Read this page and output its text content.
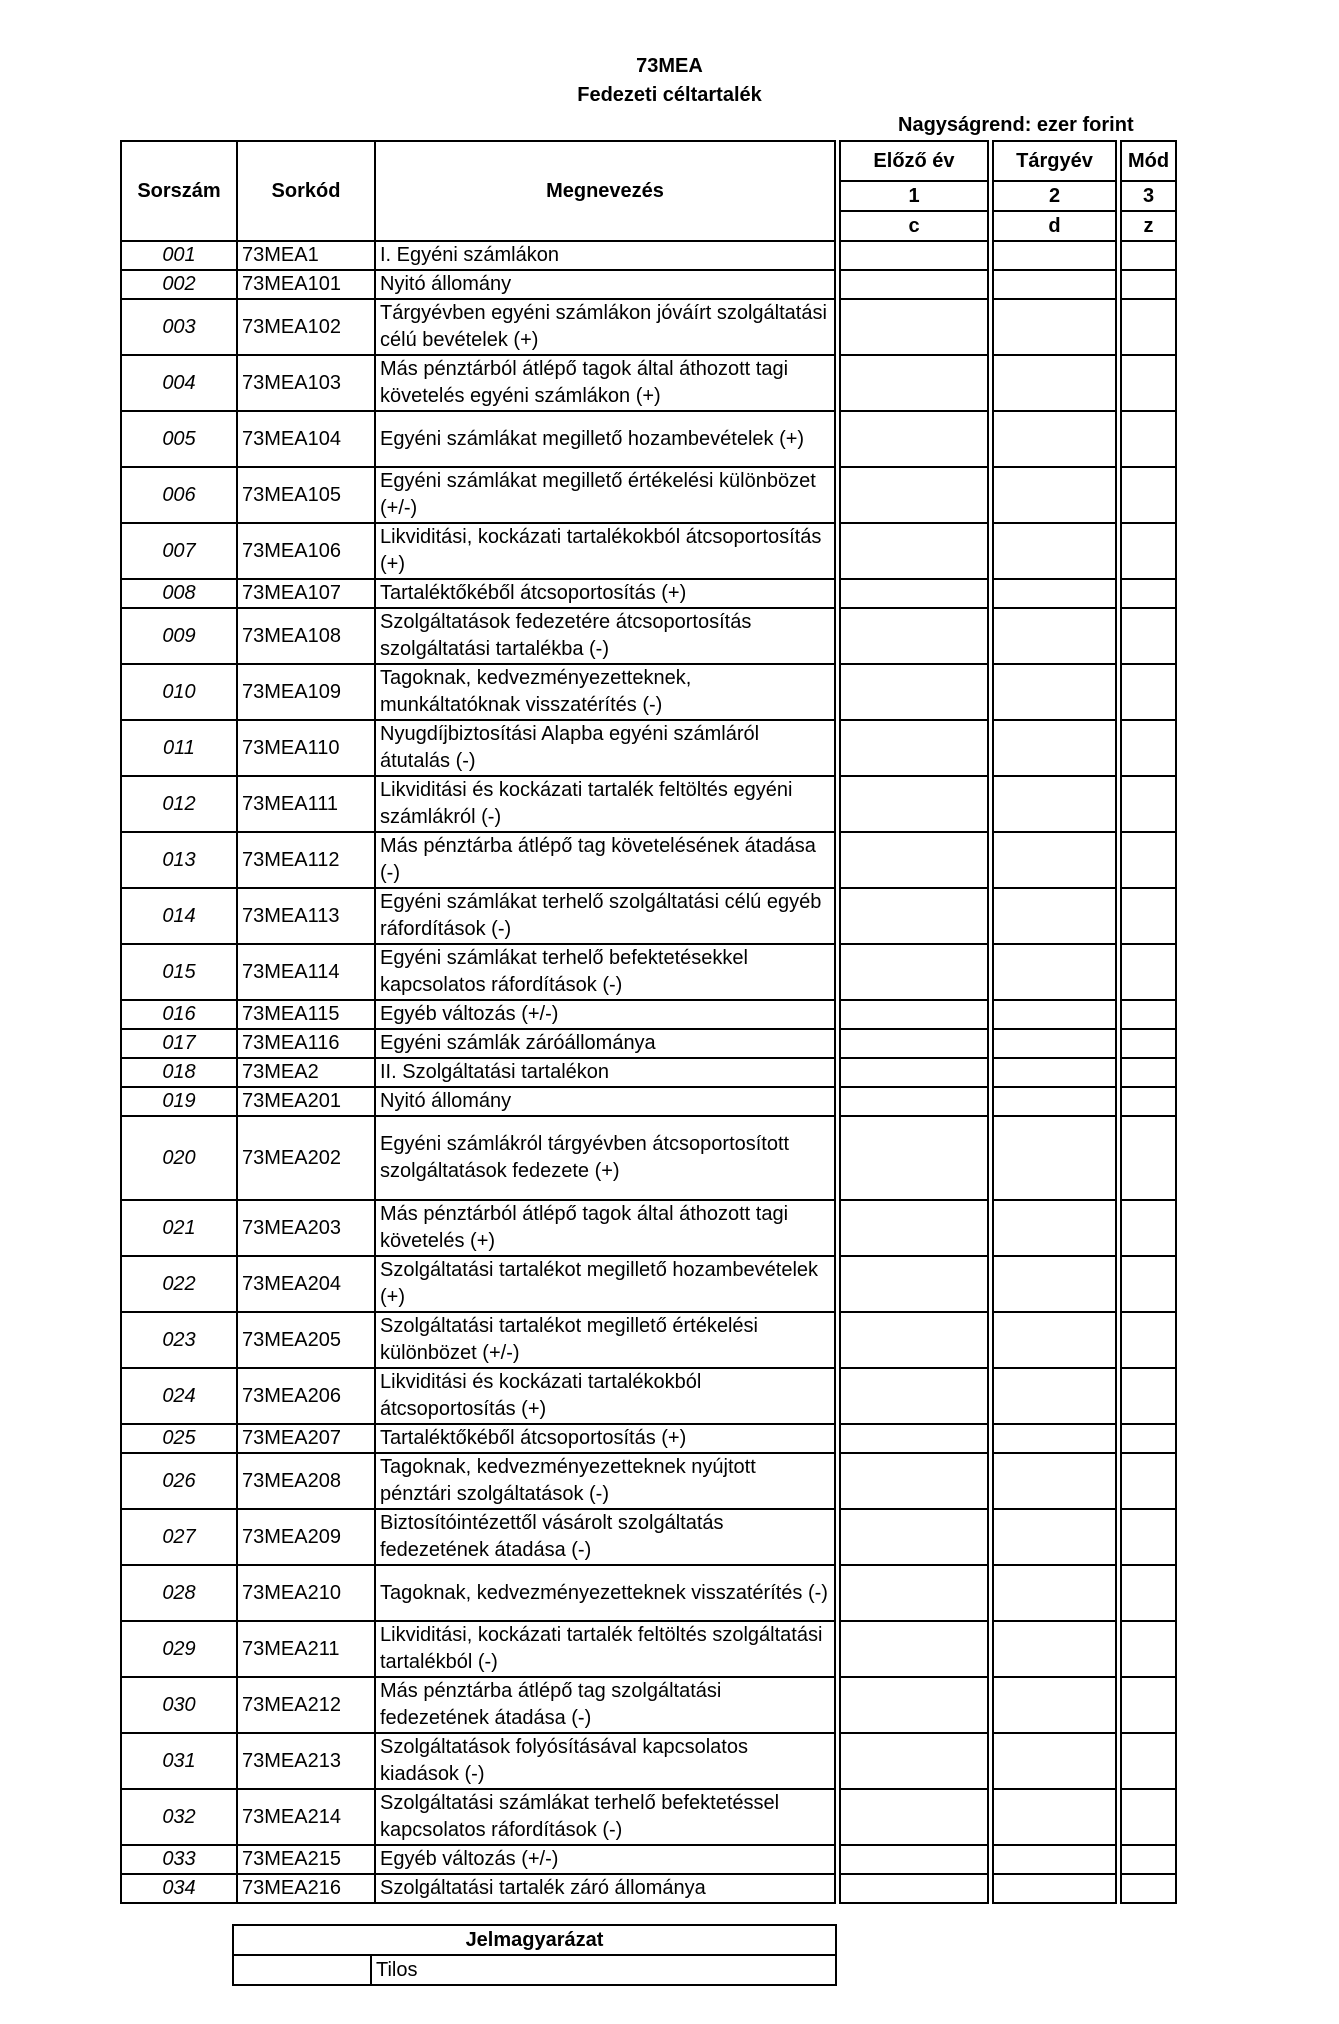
73MEA
Fedezeti céltartalék
Nagyságrend: ezer forint
Sorszám	Sorkód	Megnevezés		Előző év		Tárgyév		Mód
				1		2		3
				c		d		z
001	73MEA1	I. Egyéni számlákon						
002	73MEA101	Nyitó állomány						
003	73MEA102	Tárgyévben egyéni számlákon jóváírt szolgáltatási célú bevételek (+)						
004	73MEA103	Más pénztárból átlépő tagok által áthozott tagi követelés egyéni számlákon (+)						
005	73MEA104	Egyéni számlákat megillető hozambevételek (+)						
006	73MEA105	Egyéni számlákat megillető értékelési különbözet (+/-)						
007	73MEA106	Likviditási, kockázati tartalékokból átcsoportosítás (+)						
008	73MEA107	Tartaléktőkéből átcsoportosítás (+)						
009	73MEA108	Szolgáltatások fedezetére átcsoportosítás szolgáltatási tartalékba (-)						
010	73MEA109	Tagoknak, kedvezményezetteknek, munkáltatóknak visszatérítés (-)						
011	73MEA110	Nyugdíjbiztosítási Alapba egyéni számláról átutalás (-)						
012	73MEA111	Likviditási és kockázati tartalék feltöltés egyéni számlákról (-)						
013	73MEA112	Más pénztárba átlépő tag követelésének átadása (-)						
014	73MEA113	Egyéni számlákat terhelő szolgáltatási célú egyéb ráfordítások (-)						
015	73MEA114	Egyéni számlákat terhelő befektetésekkel kapcsolatos ráfordítások (-)						
016	73MEA115	Egyéb változás (+/-)						
017	73MEA116	Egyéni számlák záróállománya						
018	73MEA2	II. Szolgáltatási tartalékon						
019	73MEA201	Nyitó állomány						
020	73MEA202	Egyéni számlákról tárgyévben átcsoportosított szolgáltatások fedezete (+)						
021	73MEA203	Más pénztárból átlépő tagok által áthozott tagi követelés (+)						
022	73MEA204	Szolgáltatási tartalékot megillető hozambevételek (+)						
023	73MEA205	Szolgáltatási tartalékot megillető értékelési különbözet (+/-)						
024	73MEA206	Likviditási és kockázati tartalékokból átcsoportosítás (+)						
025	73MEA207	Tartaléktőkéből átcsoportosítás (+)						
026	73MEA208	Tagoknak, kedvezményezetteknek nyújtott pénztári szolgáltatások (-)						
027	73MEA209	Biztosítóintézettől vásárolt szolgáltatás fedezetének átadása (-)						
028	73MEA210	Tagoknak, kedvezményezetteknek visszatérítés (-)						
029	73MEA211	Likviditási, kockázati tartalék feltöltés szolgáltatási tartalékból (-)						
030	73MEA212	Más pénztárba átlépő tag szolgáltatási fedezetének átadása (-)						
031	73MEA213	Szolgáltatások folyósításával kapcsolatos kiadások (-)						
032	73MEA214	Szolgáltatási számlákat terhelő befektetéssel kapcsolatos ráfordítások (-)						
033	73MEA215	Egyéb változás (+/-)						
034	73MEA216	Szolgáltatási tartalék záró állománya						
Jelmagyarázat
	Tilos
